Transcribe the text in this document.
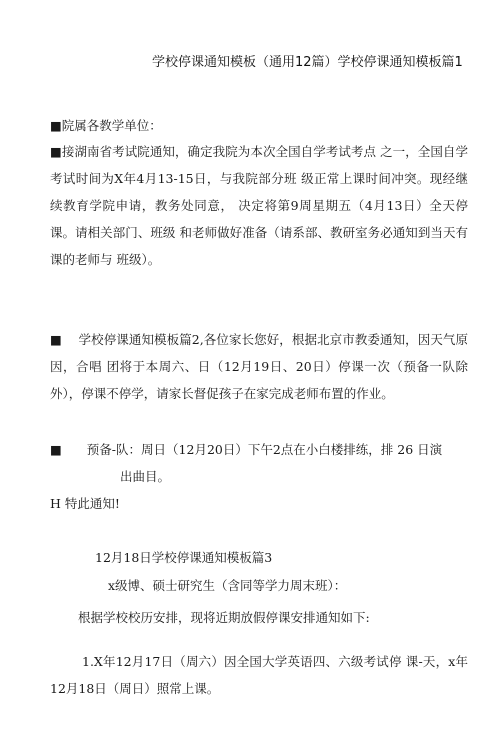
学校停课通知模板（通用12篇）学校停课通知模板篇1
■院属各教学单位：
■接湖南省考试院通知，确定我院为本次全国自学考试考点 之一，全国自学考试时间为X年4月13-15日，与我院部分班 级正常上课时间冲突。现经继续教育学院申请，教务处同意， 决定将第9周星期五（4月13日）全天停课。请相关部门、班级 和老师做好准备（请系部、教研室务必通知到当天有课的老师与 班级）。
■　 学校停课通知模板篇2,各位家长您好，根据北京市教委通知，因天气原因，合唱 团将于本周六、日（12月19日、20日）停课一次（预备一队除 外），停课不停学，请家长督促孩子在家完成老师布置的作业。
■　　预备-队：周日（12月20日）下午2点在小白楼排练，排 26 日演
出曲目。
H 特此通知!
12月18日学校停课通知模板篇3
x级博、硕士研究生（含同等学力周末班）：
根据学校校历安排，现将近期放假停课安排通知如下:
1.X年12月17日（周六）因全国大学英语四、六级考试停 课-天，x年12月18日（周日）照常上课。
